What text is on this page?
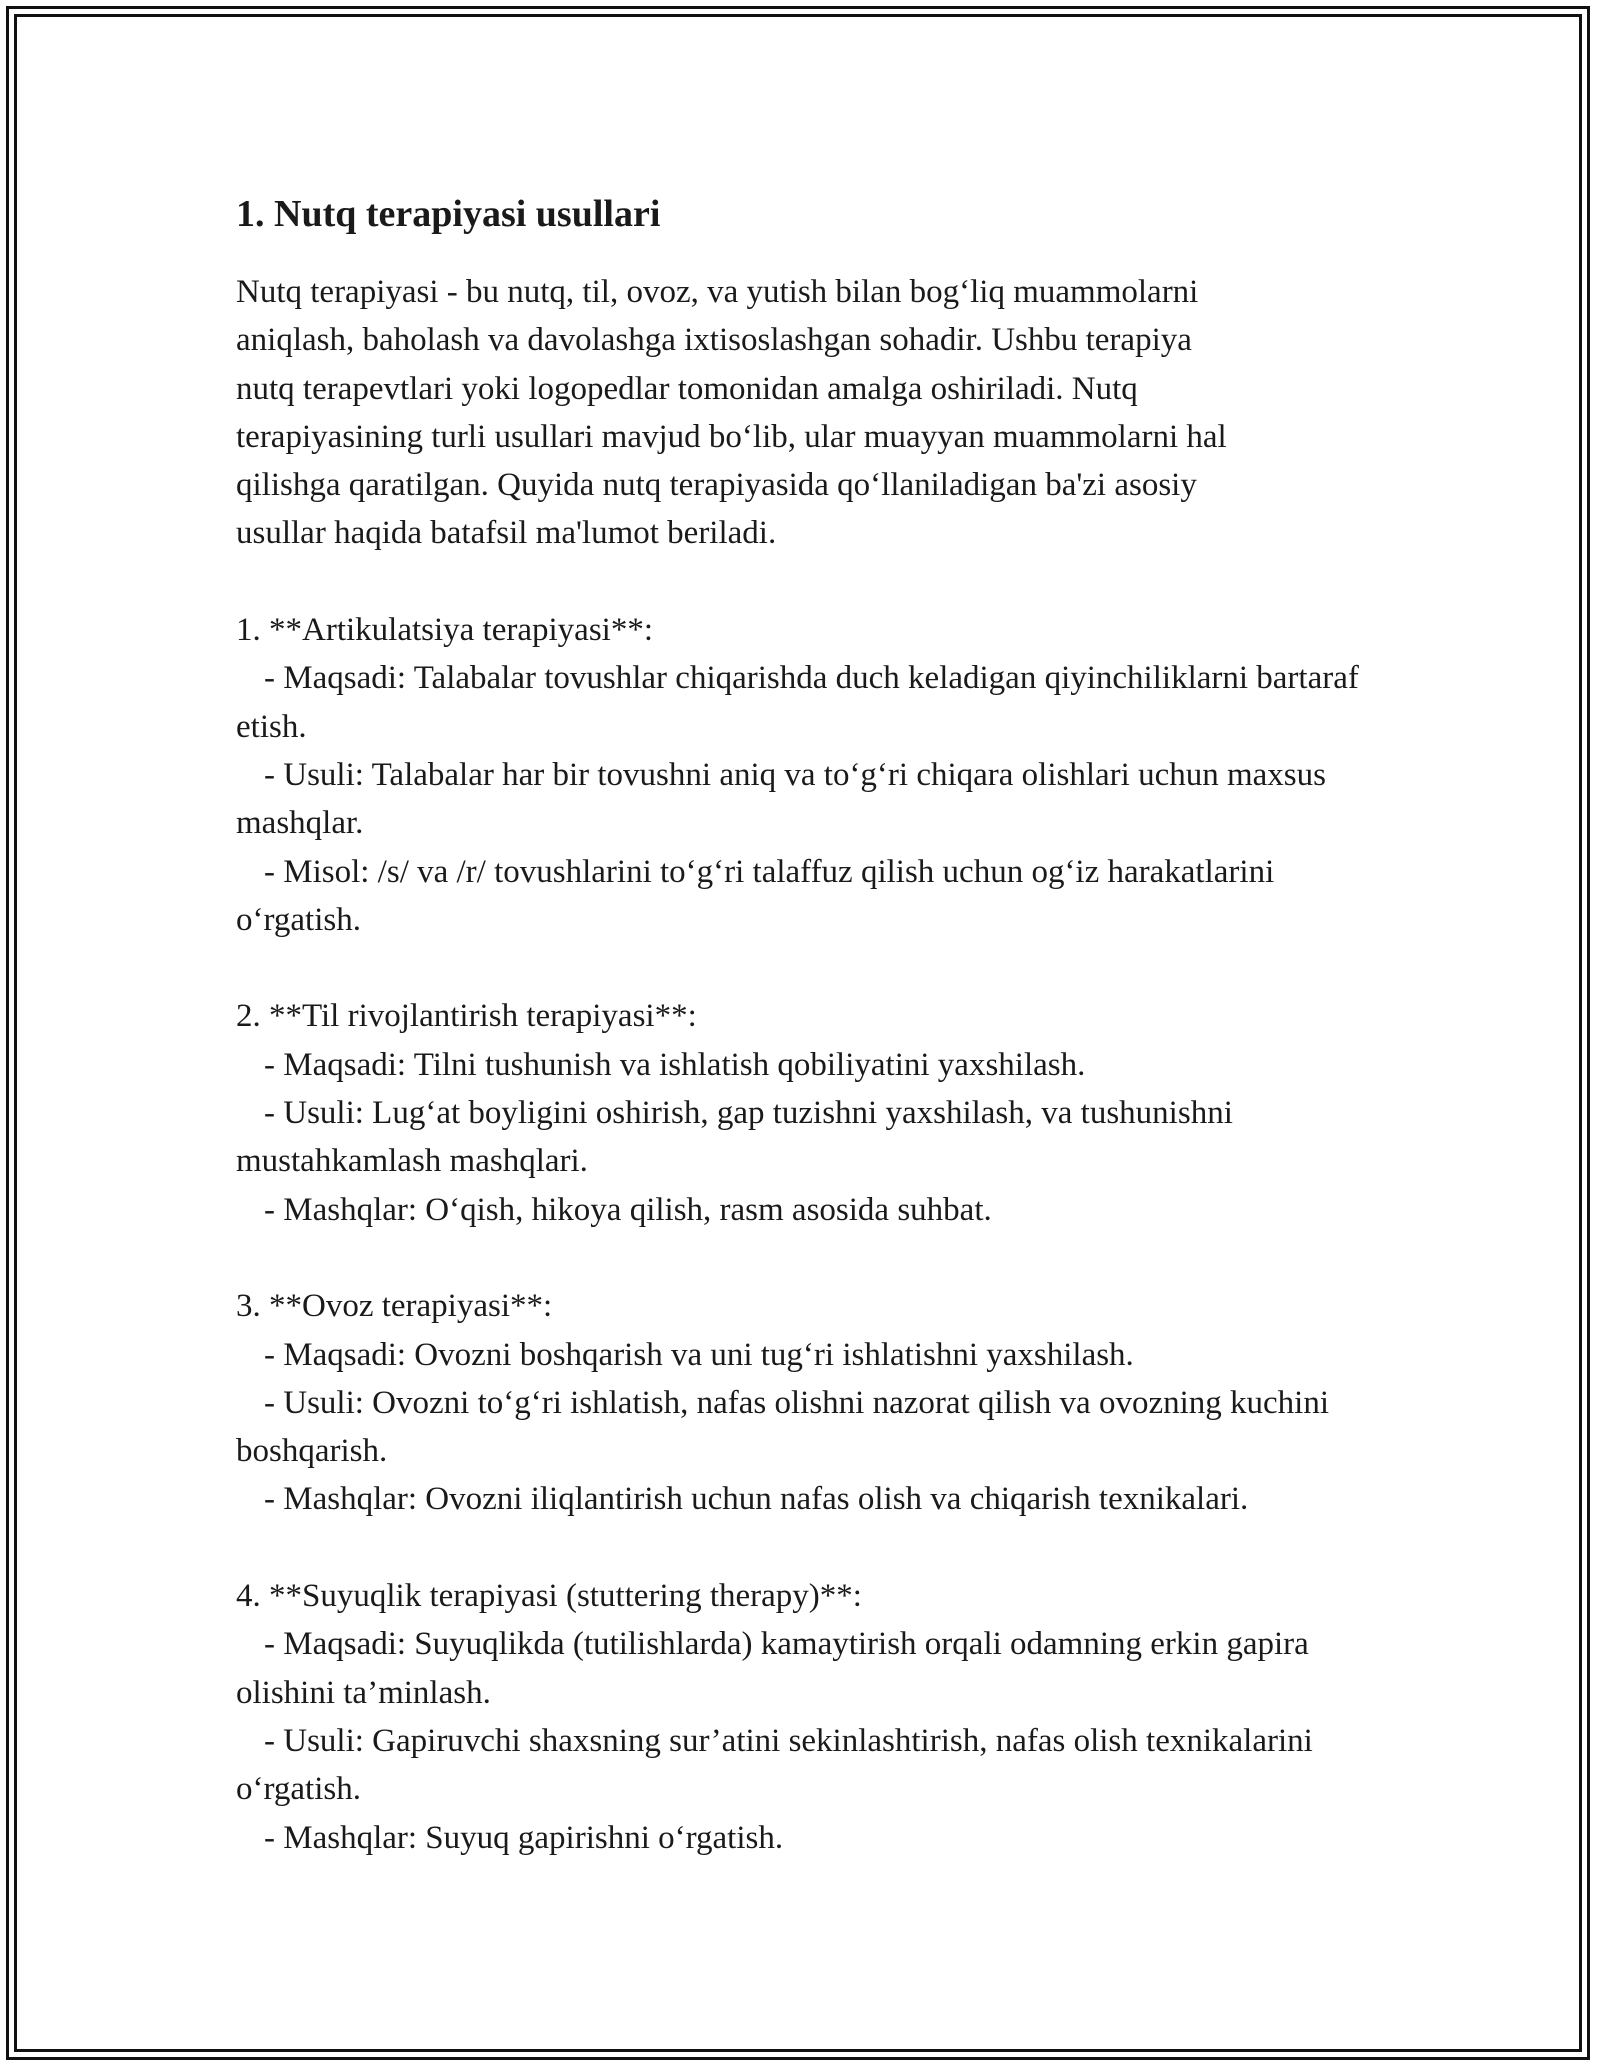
1. Nutq terapiyasi usullari

Nutq terapiyasi - bu nutq, til, ovoz, va yutish bilan bog‘liq muammolarni

aniqlash, baholash va davolashga ixtisoslashgan sohadir. Ushbu terapiya

nutq terapevtlari yoki logopedlar tomonidan amalga oshiriladi. Nutq

terapiyasining turli usullari mavjud bo‘lib, ular muayyan muammolarni hal

qilishga qaratilgan. Quyida nutq terapiyasida qo‘llaniladigan ba'zi asosiy

usullar haqida batafsil ma'lumot beriladi.

1. **Artikulatsiya terapiyasi**:

- Maqsadi: Talabalar tovushlar chiqarishda duch keladigan qiyinchiliklarni bartaraf etish.

- Usuli: Talabalar har bir tovushni aniq va to‘g‘ri chiqara olishlari uchun maxsus mashqlar.

- Misol: /s/ va /r/ tovushlarini to‘g‘ri talaffuz qilish uchun og‘iz harakatlarini o‘rgatish.

2. **Til rivojlantirish terapiyasi**:

- Maqsadi: Tilni tushunish va ishlatish qobiliyatini yaxshilash.

- Usuli: Lug‘at boyligini oshirish, gap tuzishni yaxshilash, va tushunishni mustahkamlash mashqlari.

- Mashqlar: O‘qish, hikoya qilish, rasm asosida suhbat.

3. **Ovoz terapiyasi**:

- Maqsadi: Ovozni boshqarish va uni tug‘ri ishlatishni yaxshilash.

- Usuli: Ovozni to‘g‘ri ishlatish, nafas olishni nazorat qilish va ovozning kuchini boshqarish.

- Mashqlar: Ovozni iliqlantirish uchun nafas olish va chiqarish texnikalari.

4. **Suyuqlik terapiyasi (stuttering therapy)**:

- Maqsadi: Suyuqlikda (tutilishlarda) kamaytirish orqali odamning erkin gapira olishini ta’minlash.

- Usuli: Gapiruvchi shaxsning sur’atini sekinlashtirish, nafas olish texnikalarini o‘rgatish.

- Mashqlar: Suyuq gapirishni o‘rgatish.
